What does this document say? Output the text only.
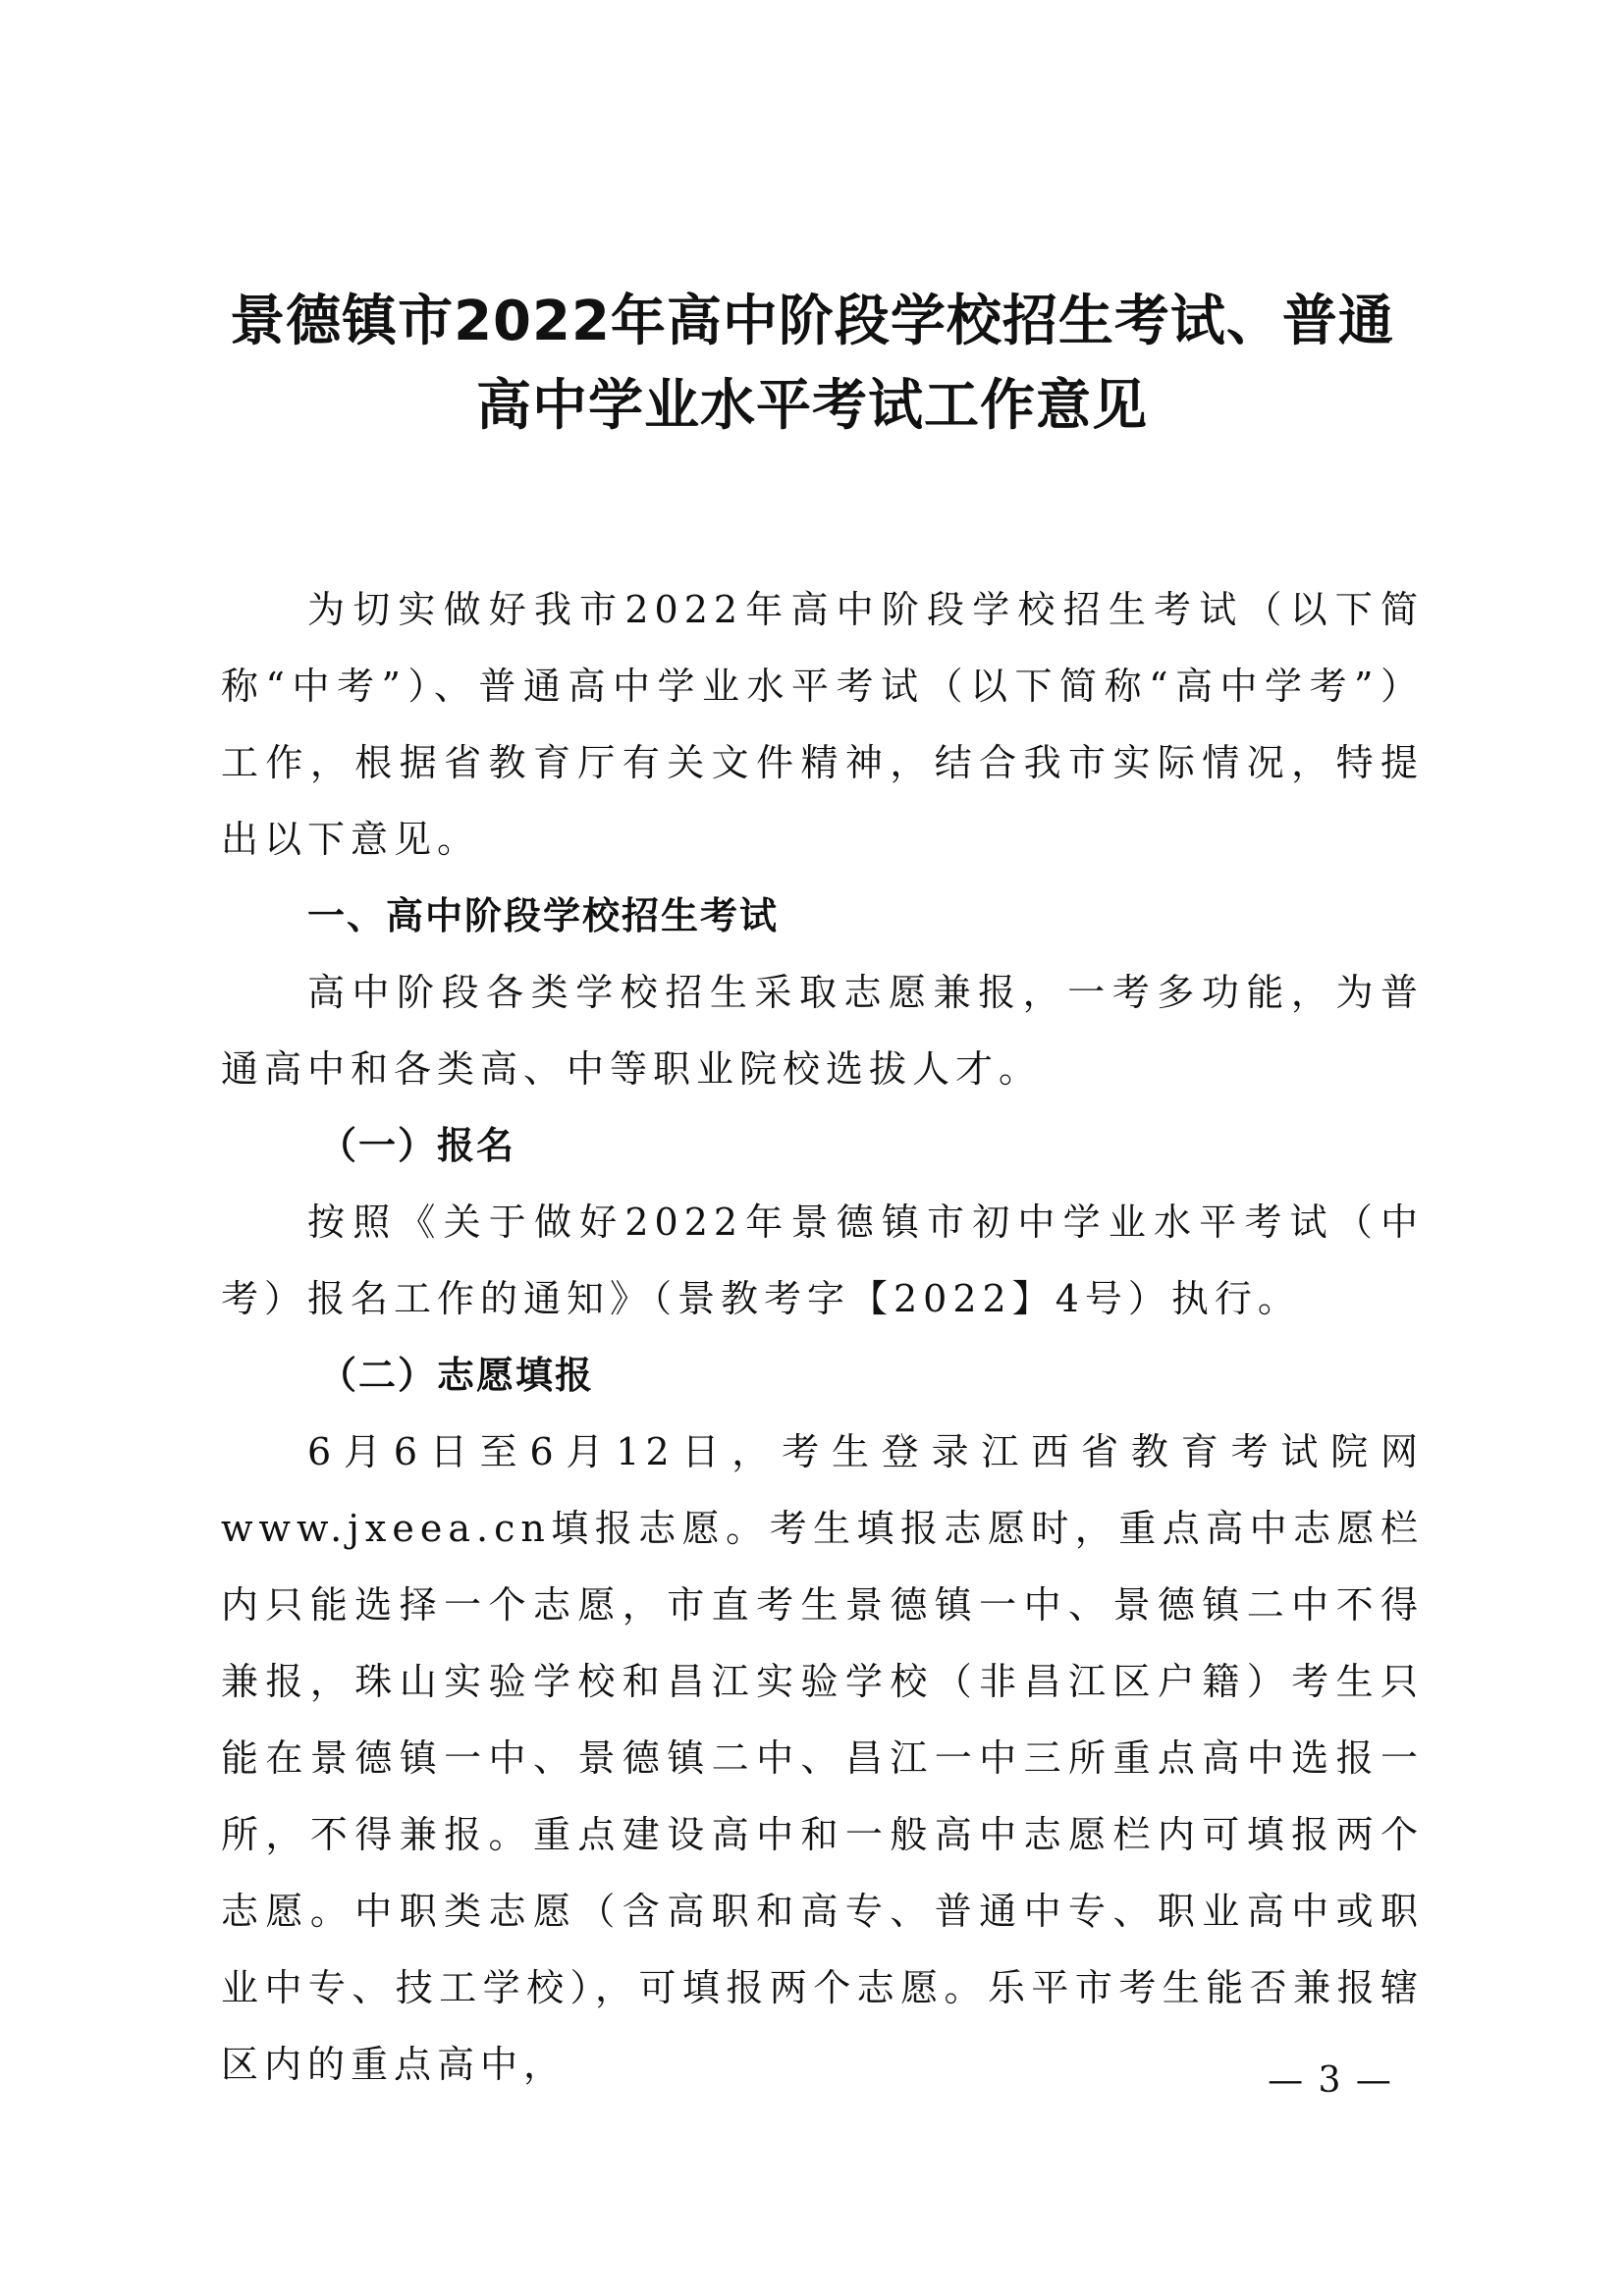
景德镇市2022年高中阶段学校招生考试、普通
高中学业水平考试工作意见

为切实做好我市2022年高中阶段学校招生考试（以下简称“中考”）、普通高中学业水平考试（以下简称“高中学考”）工作，根据省教育厅有关文件精神，结合我市实际情况，特提出以下意见。

一、高中阶段学校招生考试

高中阶段各类学校招生采取志愿兼报，一考多功能，为普通高中和各类高、中等职业院校选拔人才。

（一）报名

按照《关于做好2022年景德镇市初中学业水平考试（中考）报名工作的通知》（景教考字【2022】4号）执行。

（二）志愿填报

6月6日至6月12日，考生登录江西省教育考试院网www.jxeea.cn填报志愿。考生填报志愿时，重点高中志愿栏内只能选择一个志愿，市直考生景德镇一中、景德镇二中不得兼报，珠山实验学校和昌江实验学校（非昌江区户籍）考生只能在景德镇一中、景德镇二中、昌江一中三所重点高中选报一所，不得兼报。重点建设高中和一般高中志愿栏内可填报两个志愿。中职类志愿（含高职和高专、普通中专、职业高中或职业中专、技工学校），可填报两个志愿。乐平市考生能否兼报辖区内的重点高中，	— 3 —
